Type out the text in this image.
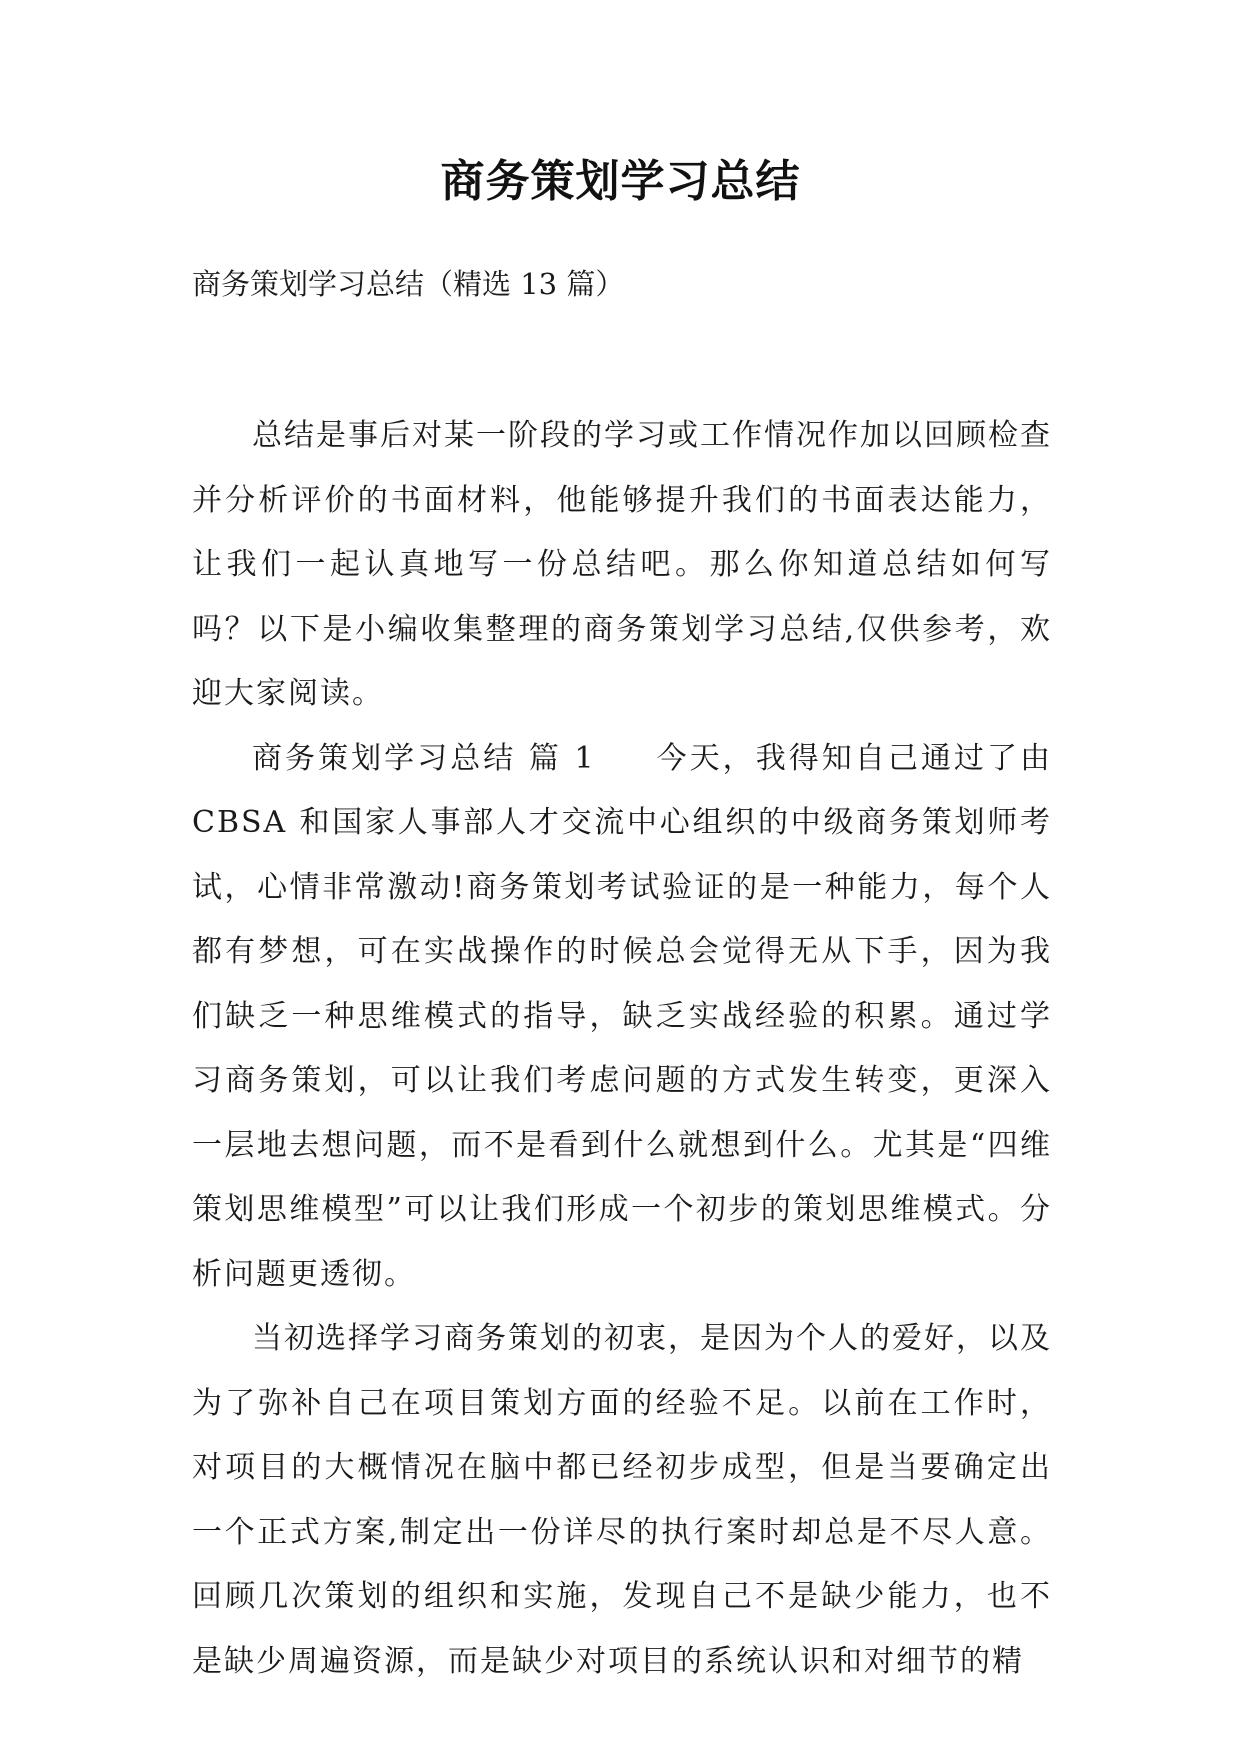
商务策划学习总结
商务策划学习总结（精选 13 篇）

总结是事后对某一阶段的学习或工作情况作加以回顾检查并分析评价的书面材料，他能够提升我们的书面表达能力，让我们一起认真地写一份总结吧。那么你知道总结如何写吗？以下是小编收集整理的商务策划学习总结,仅供参考，欢迎大家阅读。

商务策划学习总结 篇 1 今天，我得知自己通过了由 CBSA 和国家人事部人才交流中心组织的中级商务策划师考试，心情非常激动!商务策划考试验证的是一种能力，每个人都有梦想，可在实战操作的时候总会觉得无从下手，因为我们缺乏一种思维模式的指导，缺乏实战经验的积累。通过学习商务策划，可以让我们考虑问题的方式发生转变，更深入一层地去想问题，而不是看到什么就想到什么。尤其是“四维策划思维模型”可以让我们形成一个初步的策划思维模式。分析问题更透彻。

当初选择学习商务策划的初衷，是因为个人的爱好，以及为了弥补自己在项目策划方面的经验不足。以前在工作时，对项目的大概情况在脑中都已经初步成型，但是当要确定出一个正式方案,制定出一份详尽的执行案时却总是不尽人意。回顾几次策划的组织和实施，发现自己不是缺少能力，也不是缺少周遍资源，而是缺少对项目的系统认识和对细节的精
